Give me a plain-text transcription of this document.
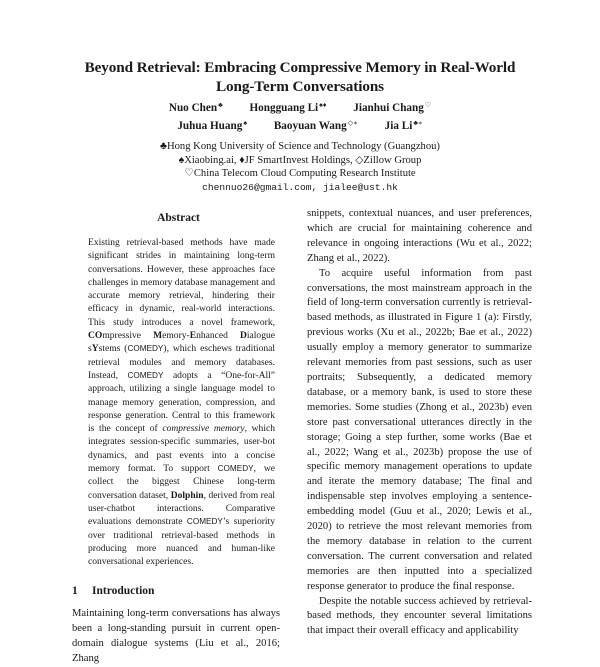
Beyond Retrieval: Embracing Compressive Memory in Real-World
Long-Term Conversations
Nuo Chen♣ Hongguang Li♠♦ Jianhui Chang♡
Juhua Huang♠ Baoyuan Wang◇∗ Jia Li♣∗
♣Hong Kong University of Science and Technology (Guangzhou)
♠Xiaobing.ai, ♦JF SmartInvest Holdings, ◇Zillow Group
♡China Telecom Cloud Computing Research Institute
chennuo26@gmail.com, jialee@ust.hk
Abstract
Existing retrieval-based methods have made significant strides in maintaining long-term conversations. However, these approaches face challenges in memory database management and accurate memory retrieval, hindering their efficacy in dynamic, real-world interactions. This study introduces a novel framework, COmpressive Memory-Enhanced Dialogue sYstems (COMEDY), which eschews traditional retrieval modules and memory databases. Instead, COMEDY adopts a “One-for-All” approach, utilizing a single language model to manage memory generation, compression, and response generation. Central to this framework is the concept of compressive memory, which integrates session-specific summaries, user-bot dynamics, and past events into a concise memory format. To support COMEDY, we collect the biggest Chinese long-term conversation dataset, Dolphin, derived from real user-chatbot interactions. Comparative evaluations demonstrate COMEDY’s superiority over traditional retrieval-based methods in producing more nuanced and human-like conversational experiences.
1 Introduction
Maintaining long-term conversations has always been a long-standing pursuit in current open-domain dialogue systems (Liu et al., 2016; Zhang

snippets, contextual nuances, and user preferences, which are crucial for maintaining coherence and relevance in ongoing interactions (Wu et al., 2022; Zhang et al., 2022).

To acquire useful information from past conversations, the most mainstream approach in the field of long-term conversation currently is retrieval-based methods, as illustrated in Figure 1 (a): Firstly, previous works (Xu et al., 2022b; Bae et al., 2022) usually employ a memory generator to summarize relevant memories from past sessions, such as user portraits; Subsequently, a dedicated memory database, or a memory bank, is used to store these memories. Some studies (Zhong et al., 2023b) even store past conversational utterances directly in the storage; Going a step further, some works (Bae et al., 2022; Wang et al., 2023b) propose the use of specific memory management operations to update and iterate the memory database; The final and indispensable step involves employing a sentence-embedding model (Guu et al., 2020; Lewis et al., 2020) to retrieve the most relevant memories from the memory database in relation to the current conversation. The current conversation and related memories are then inputted into a specialized response generator to produce the final response.

Despite the notable success achieved by retrieval-based methods, they encounter several limitations that impact their overall efficacy and applicability
